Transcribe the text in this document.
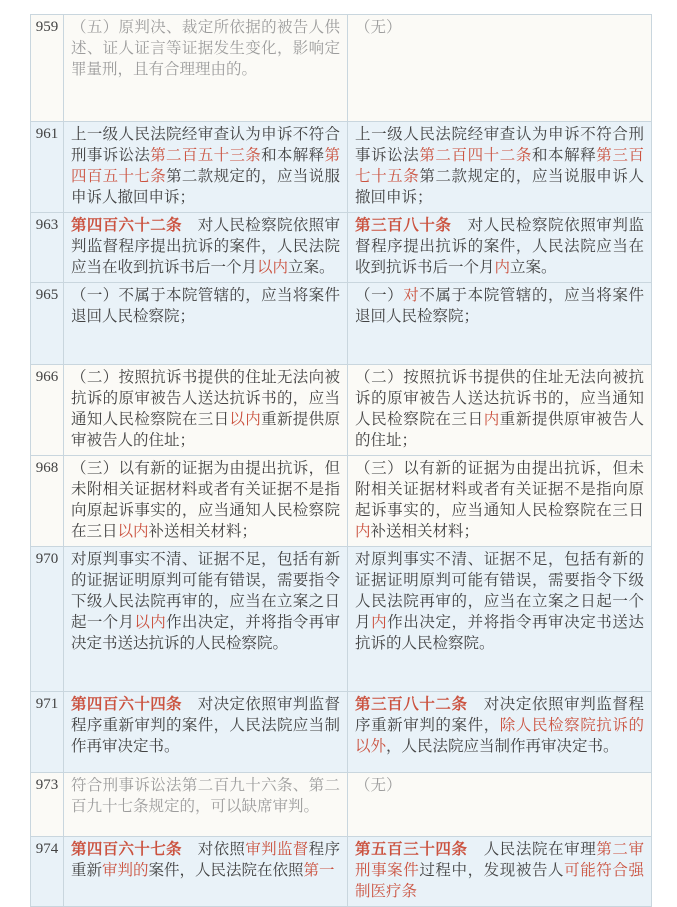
959 （五）原判决、裁定所依据的被告人供述、证人证言等证据发生变化，影响定罪量刑，且有合理理由的。
（无）
961 上一级人民法院经审查认为申诉不符合刑事诉讼法第二百五十三条和本解释第四百五十七条第二款规定的，应当说服申诉人撤回申诉；
上一级人民法院经审查认为申诉不符合刑事诉讼法第二百四十二条和本解释第三百七十五条第二款规定的，应当说服申诉人撤回申诉；
963 第四百六十二条　对人民检察院依照审判监督程序提出抗诉的案件，人民法院应当在收到抗诉书后一个月以内立案。
第三百八十条　对人民检察院依照审判监督程序提出抗诉的案件，人民法院应当在收到抗诉书后一个月内立案。
965 （一）不属于本院管辖的，应当将案件退回人民检察院；
（一）对不属于本院管辖的，应当将案件退回人民检察院；
966 （二）按照抗诉书提供的住址无法向被抗诉的原审被告人送达抗诉书的，应当通知人民检察院在三日以内重新提供原审被告人的住址；
（二）按照抗诉书提供的住址无法向被抗诉的原审被告人送达抗诉书的，应当通知人民检察院在三日内重新提供原审被告人的住址；
968 （三）以有新的证据为由提出抗诉，但未附相关证据材料或者有关证据不是指向原起诉事实的，应当通知人民检察院在三日以内补送相关材料；
（三）以有新的证据为由提出抗诉，但未附相关证据材料或者有关证据不是指向原起诉事实的，应当通知人民检察院在三日内补送相关材料；
970 对原判事实不清、证据不足，包括有新的证据证明原判可能有错误，需要指令下级人民法院再审的，应当在立案之日起一个月以内作出决定，并将指令再审决定书送达抗诉的人民检察院。
对原判事实不清、证据不足，包括有新的证据证明原判可能有错误，需要指令下级人民法院再审的，应当在立案之日起一个月内作出决定，并将指令再审决定书送达抗诉的人民检察院。
971 第四百六十四条　对决定依照审判监督程序重新审判的案件，人民法院应当制作再审决定书。
第三百八十二条　对决定依照审判监督程序重新审判的案件，除人民检察院抗诉的以外，人民法院应当制作再审决定书。
973 符合刑事诉讼法第二百九十六条、第二百九十七条规定的，可以缺席审判。
（无）
974 第四百六十七条　对依照审判监督程序重新审判的案件，人民法院在依照第一
第五百三十四条　人民法院在审理第二审刑事案件过程中，发现被告人可能符合强制医疗条
